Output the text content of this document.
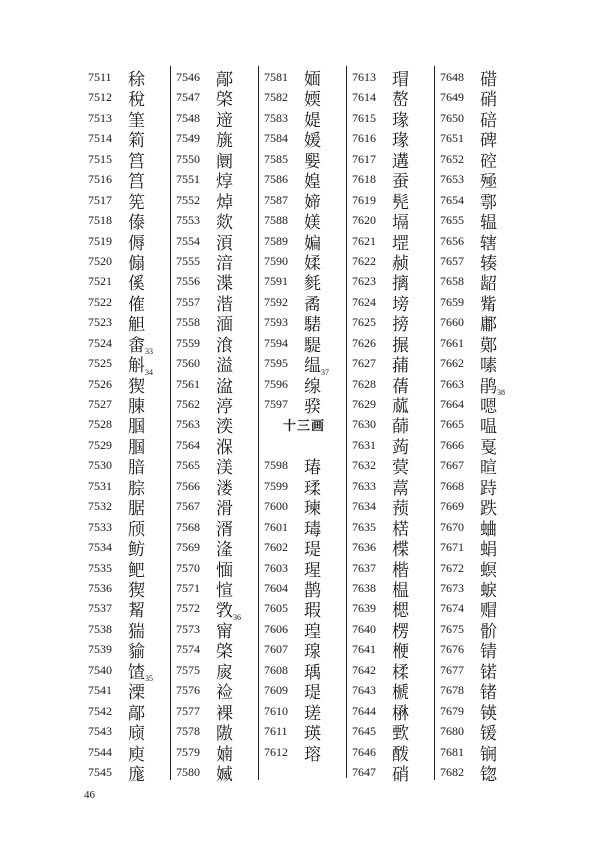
7511 稌
7512 稅
7513 筀
7514 筣
7515 筥
7516 筥
7517 筅
7518 傣
7519 傉
7520 傓
7521 傒
7522 傕
7523 觛
7524 畬
7525 斛
33
7526 猰
34
7527 腖
7528 腘
7529 腘
7530 腤
7531 腙
7532 腒
7533 颀
7534 鲂
7535 鲃
7536 猰
7537 觢
7538 猯
7539 貐
7540 馇
7541 溧
35
7542 鄗
7543 庼
7544 庾
7545 庬
7546 鄗
7547 棨
7548 遆
7549 旐
7550 阛
7551 焞
7552 焯
7553 欻
7554 湏
7555 湆
7556 渫
7557 湝
7558 湎
7559 湌
7560 溢
7561 湓
7562 渟
7563 湙
7564 湺
7565 渼
7566 溇
7567 滑
7568 湑
7569 湰
7570 愐
7571 愃
7572 敩
7573 甯
36
7574 棨
7575 扊
7576 裣
7577 裸
7578 隞
7579 婻
7580 媙
7581 媔
7582 媆
7583 媞
7584 媛
7585 媐
7586 媓
7587 媂
7588 媄
7589 媥
7590 媃
7591 毵
7592 矞
7593 騞
7594 騠
7595 缊
7596 缐
37
7597 骙
十三画
7598 瑃
7599 瑈
7600 瑓
7601 瑇
7602 瑅
7603 瑆
7604 鹊
7605 瑕
7606 瑝
7607 瑔
7608 瑀
7609 瑅
7610 瑳
7611 瑛
7612 瑢
7613 瑁
7614 嶅
7615 瑑
7616 瑑
7617 遘
7618 蚕
7619 髡
7620 塥
7621 堽
7622 赪
7623 摛
7624 塝
7625 搒
7626 搌
7627 蒱
7628 蒨
7629 蓏
7630 蒒
7631 蒟
7632 蓂
7633 蒚
7634 蓣
7635 楛
7636 楪
7637 楷
7638 榅
7639 楒
7640 楞
7641 楩
7642 楺
7643 榹
7644 楙
7645 歅
7646 酦
7647 硝
7648 碏
7649 硝
7650 碚
7651 碑
7652 硿
7653 殛
7654 鄠
7655 辒
7656 辖
7657 辏
7658 龆
7659 觜
7660 鄘
7661 鄚
7662 嗉
7663 鹃
7664 嗯
38
7665 嗢
7666 戛
7667 暄
7668 跱
7669 跌
7670 蛐
7671 蜎
7672 螟
7673 蜧
7674 赗
7675 骱
7676 锖
7677 锘
7678 锗
7679 锳
7680 锾
7681 锎
7682 锪
46
